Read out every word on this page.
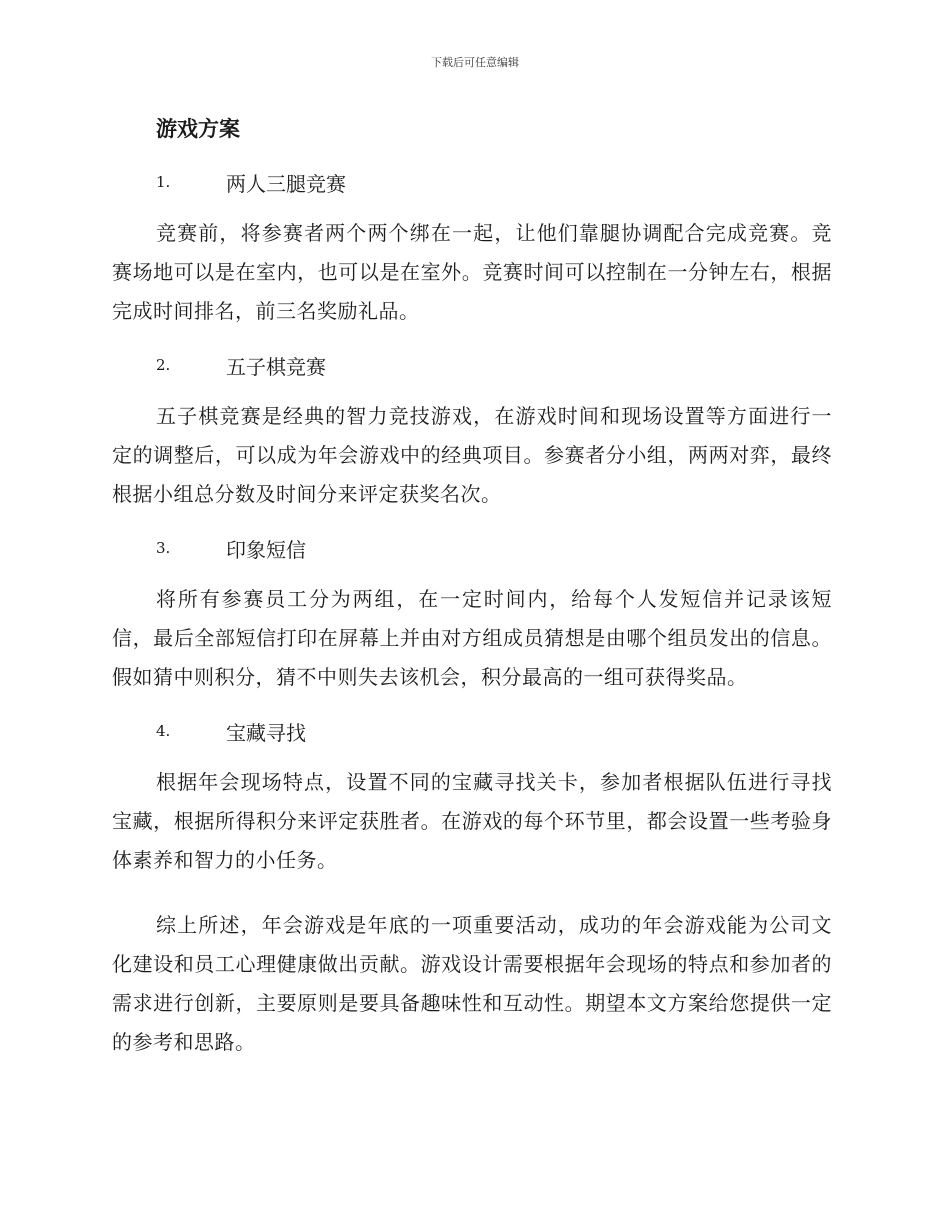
下载后可任意编辑
游戏方案
1.	两人三腿竞赛

竞赛前，将参赛者两个两个绑在一起，让他们靠腿协调配合完成竞赛。竞赛场地可以是在室内，也可以是在室外。竞赛时间可以控制在一分钟左右，根据完成时间排名，前三名奖励礼品。

2.	五子棋竞赛

五子棋竞赛是经典的智力竞技游戏，在游戏时间和现场设置等方面进行一定的调整后，可以成为年会游戏中的经典项目。参赛者分小组，两两对弈，最终根据小组总分数及时间分来评定获奖名次。

3.	印象短信

将所有参赛员工分为两组，在一定时间内，给每个人发短信并记录该短信，最后全部短信打印在屏幕上并由对方组成员猜想是由哪个组员发出的信息。假如猜中则积分，猜不中则失去该机会，积分最高的一组可获得奖品。

4.	宝藏寻找

根据年会现场特点，设置不同的宝藏寻找关卡，参加者根据队伍进行寻找宝藏，根据所得积分来评定获胜者。在游戏的每个环节里，都会设置一些考验身体素养和智力的小任务。

综上所述，年会游戏是年底的一项重要活动，成功的年会游戏能为公司文化建设和员工心理健康做出贡献。游戏设计需要根据年会现场的特点和参加者的需求进行创新，主要原则是要具备趣味性和互动性。期望本文方案给您提供一定的参考和思路。
